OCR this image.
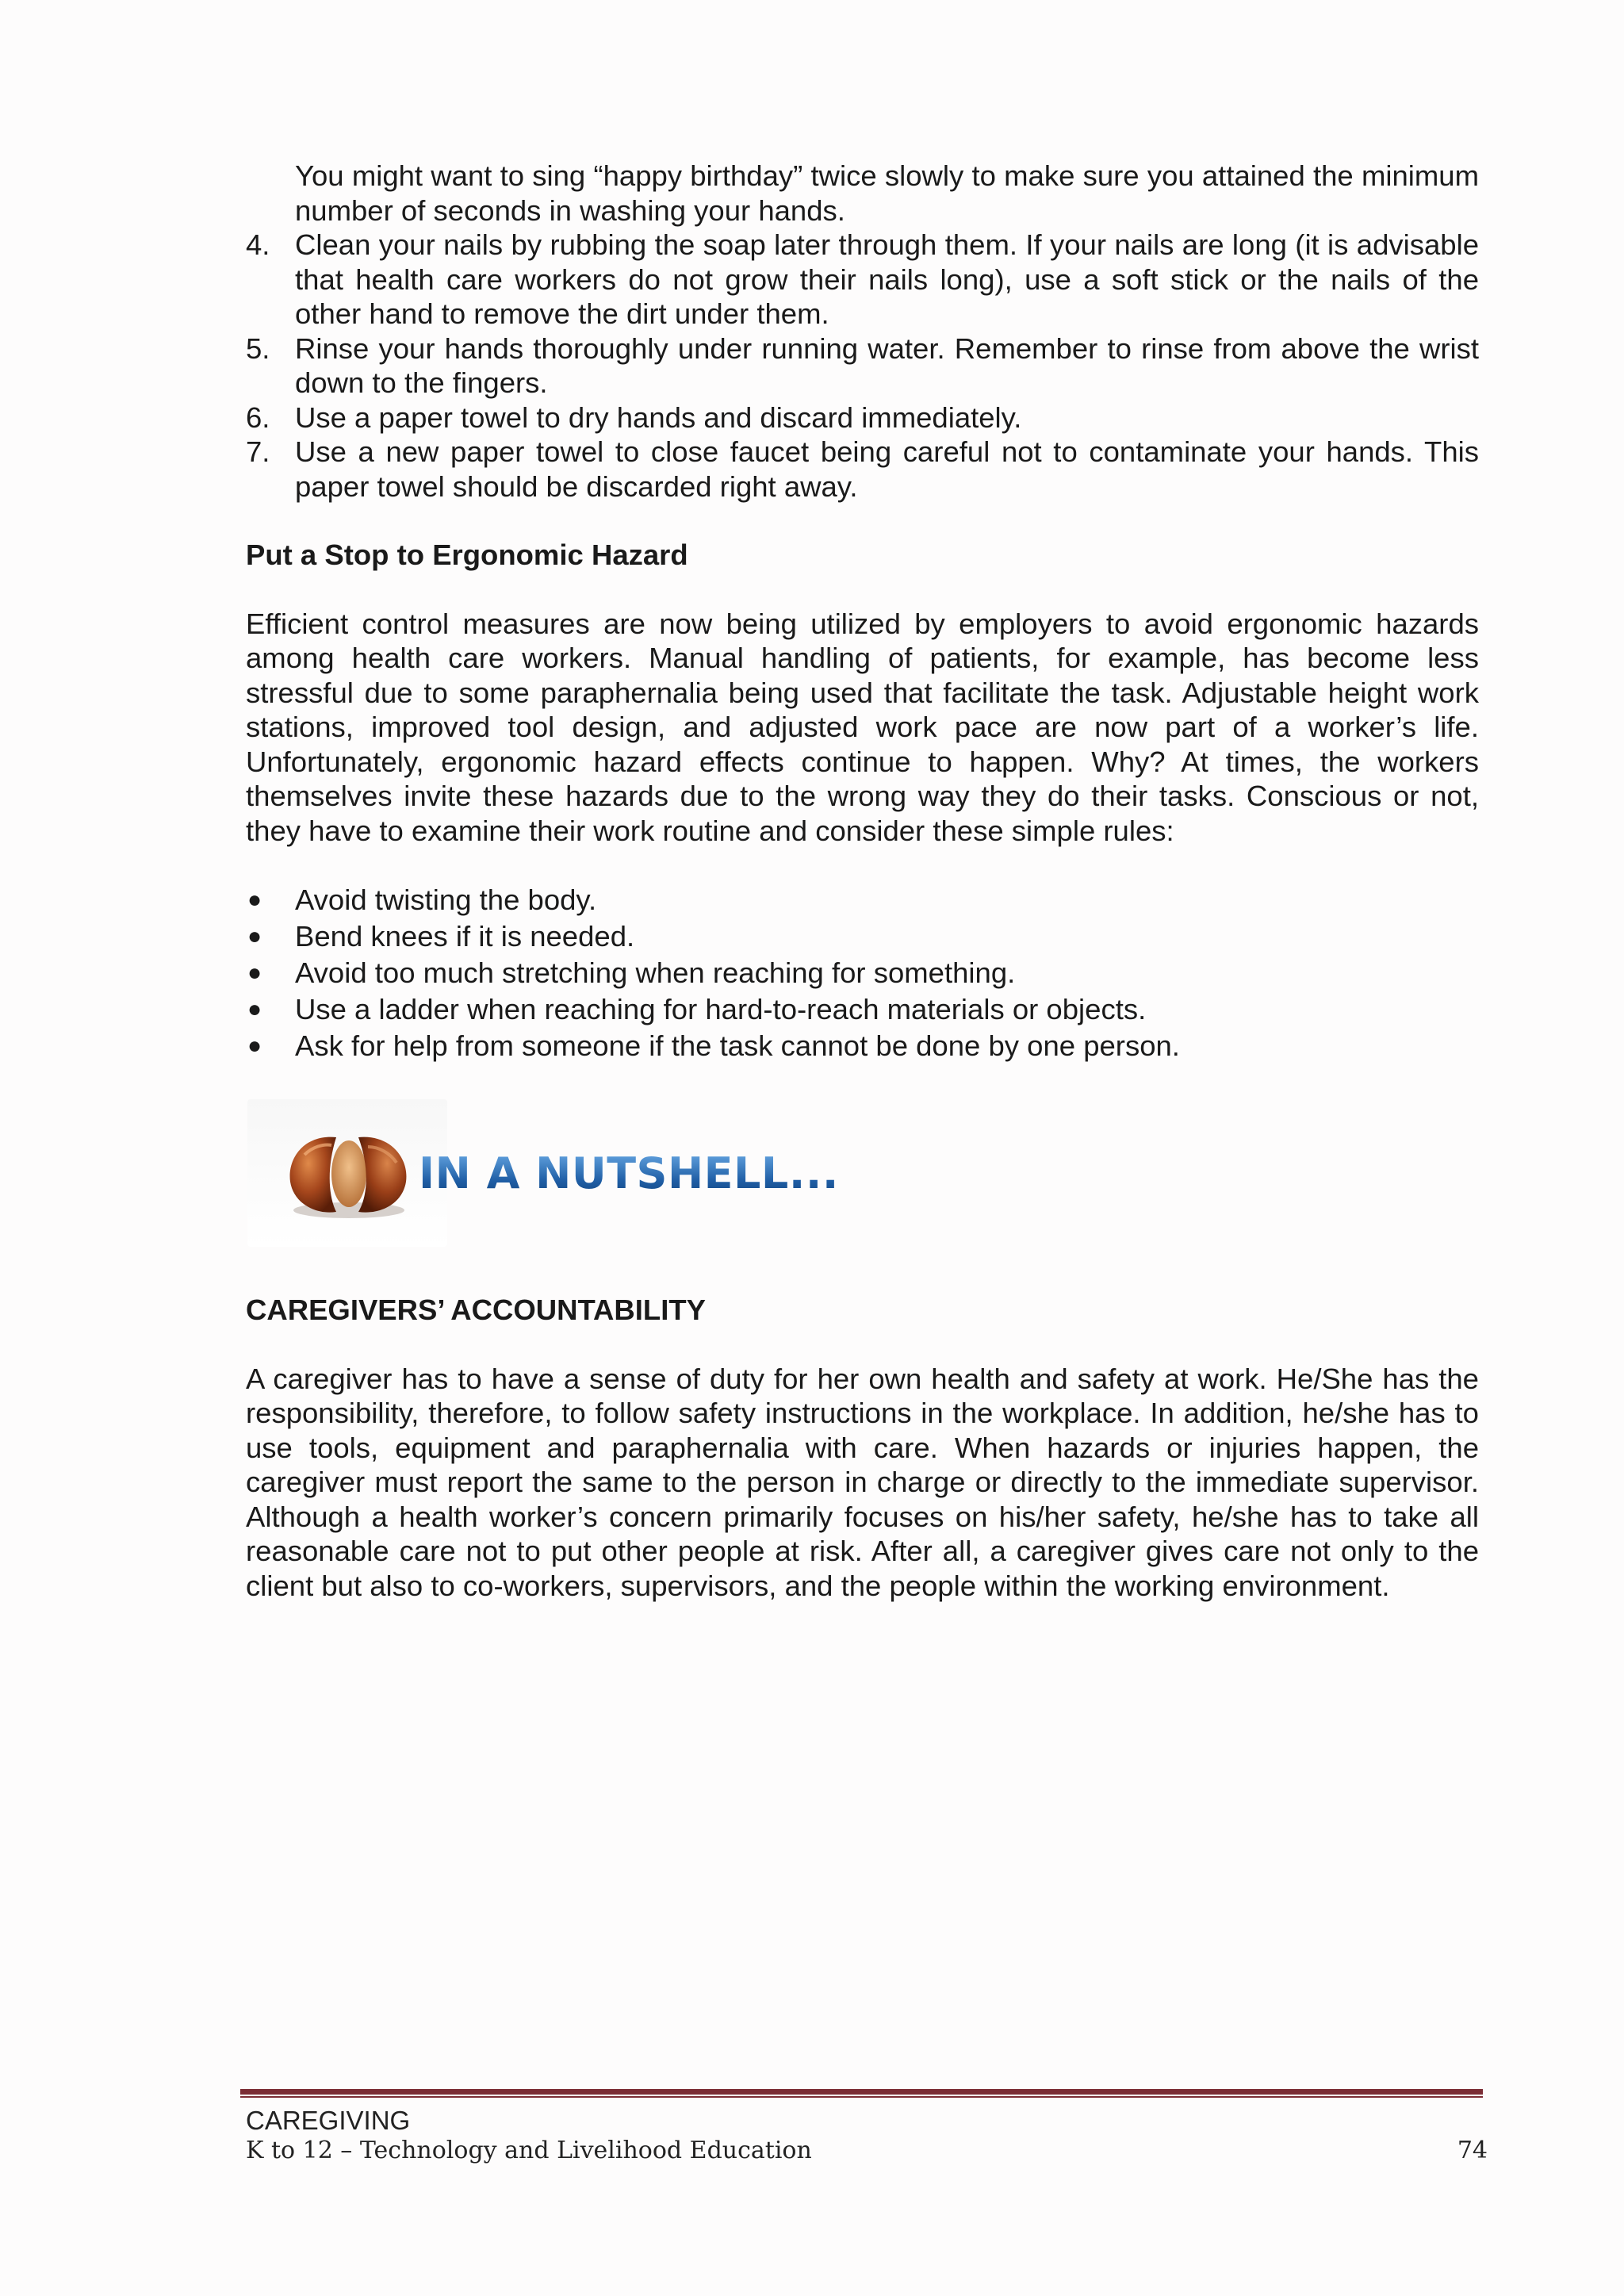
You might want to sing “happy birthday” twice slowly to make sure you attained the minimum number of seconds in washing your hands.

4. Clean your nails by rubbing the soap later through them. If your nails are long (it is advisable that health care workers do not grow their nails long), use a soft stick or the nails of the other hand to remove the dirt under them.
5. Rinse your hands thoroughly under running water. Remember to rinse from above the wrist down to the fingers.
6. Use a paper towel to dry hands and discard immediately.
7. Use a new paper towel to close faucet being careful not to contaminate your hands. This paper towel should be discarded right away.
Put a Stop to Ergonomic Hazard

Efficient control measures are now being utilized by employers to avoid ergonomic hazards among health care workers. Manual handling of patients, for example, has become less stressful due to some paraphernalia being used that facilitate the task. Adjustable height work stations, improved tool design, and adjusted work pace are now part of a worker’s life. Unfortunately, ergonomic hazard effects continue to happen. Why? At times, the workers themselves invite these hazards due to the wrong way they do their tasks. Conscious or not, they have to examine their work routine and consider these simple rules:

● Avoid twisting the body.
● Bend knees if it is needed.
● Avoid too much stretching when reaching for something.
● Use a ladder when reaching for hard-to-reach materials or objects.
● Ask for help from someone if the task cannot be done by one person.
IN A NUTSHELL...
CAREGIVERS’ ACCOUNTABILITY

A caregiver has to have a sense of duty for her own health and safety at work. He/She has the responsibility, therefore, to follow safety instructions in the workplace. In addition, he/she has to use tools, equipment and paraphernalia with care. When hazards or injuries happen, the caregiver must report the same to the person in charge or directly to the immediate supervisor. Although a health worker’s concern primarily focuses on his/her safety, he/she has to take all reasonable care not to put other people at risk. After all, a caregiver gives care not only to the client but also to co-workers, supervisors, and the people within the working environment.

CAREGIVING
K to 12 – Technology and Livelihood Education	74
